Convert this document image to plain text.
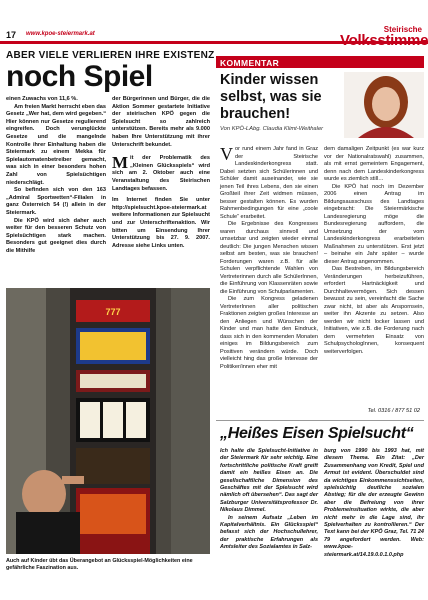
17 www.kpoe-steiermark.at	Steirische
ABER VIELE VERLIEREN IHRE EXISTENZ
noch Spiel

einen Zuwachs von 11,6 %.

Am freien Markt herrscht eben das Gesetz „Wer hat, dem wird gegeben.“ Hier können nur Gesetze regulierend eingreifen. Doch verunglückte Gesetze und die mangelnde Kontrolle ihrer Einhaltung haben die Steiermark zu einem Mekka für Spielautomatenbetreiber gemacht, was sich in einer besonders hohen Zahl von Spielsüchtigen niederschlägt.

So befinden sich von den 163 „Admiral Sportwetten“-Filialen in ganz Österreich 54 (!) allein in der Steiermark.

Die KPÖ wird sich daher auch weiter für den besseren Schutz von Spielsüchtigen stark machen. Besonders gut geeignet dies durch die Mithilfe

der Bürgerinnen und Bürger, die die Aktion Sommer gestartete Initiative der steirischen KPÖ gegen die Spielsucht so zahlreich unterstützen. Bereits mehr als 9.000 haben Ihre Unterstützung mit ihrer Unterschrift bekundet.

Mit der Problematik des „Kleinen Glücksspiels“ wird sich am 2. Oktober auch eine Veranstaltung des Steirischen Landtages befassen.

Im Internet finden Sie unter http://spielsucht.kpoe-steiermark.at weitere Informationen zur Spielsucht und zur Unterschriftenaktion. Wir bitten um Einsendung Ihrer Unterstützung bis 27. 9. 2007. Adresse siehe Links unten.

777
Auch auf Kinder übt das Überangebot an Glücksspiel-Möglichkeiten eine gefährliche Faszination aus.
KOMMENTAR
Kinder wissen selbst, was sie brauchen!
Von KPÖ-LAbg. Claudia Klimt-Weithaler

Vor rund einem Jahr fand in Graz der Steirische Landeskinderkongress statt. Dabei setzten sich Schülerinnen und Schüler damit auseinander, wie sie jenen Teil ihres Lebens, den sie einen Großteil ihrer Zeit widmen müssen, besser gestalten können. Es wurden Rahmenbedingungen für eine „coole Schule“ erarbeitet.

Die Ergebnisse des Kongresses waren durchaus sinnvoll und umsetzbar und zeigten wieder einmal deutlich: Die jungen Menschen wissen selbst am besten, was sie brauchen! Forderungen waren z.B. für alle Schulen verpflichtende Wahlen von Vertreterinnen durch alle SchülerInnen, die Einführung von Klassenräten sowie die Einführung von Schulparlamenten.

Die zum Kongress geladenen VertreterInnen aller politischen Fraktionen zeigten großes Interesse an den Anliegen und Wünschen der Kinder und man hatte den Eindruck, dass sich in den kommenden Monaten einiges im Bildungsbereich zum Positiven verändern würde. Doch vielleicht hing das große Interesse der Politiker/innen eher mit

dem damaligen Zeitpunkt (es war kurz vor der Nationalratswahl) zusammen, als mit ernst gemeintem Engagement, denn nach dem Landeskinderkongress wurde es ziemlich still…

Die KPÖ hat noch im Dezember 2006 einen Antrag im Bildungsausschuss des Landtages eingebracht: Die Steiermärkische Landesregierung möge die Bundesregierung auffordern, die Umsetzung der vom Landeskinderkongress erarbeiteten Maßnahmen zu unterstützen. Erst jetzt – beinahe ein Jahr später – wurde dieser Antrag angenommen.

Das Bestreben, im Bildungsbereich Veränderungen herbeizuführen, erfordert Hartnäckigkeit und Durchhaltevermögen. Sich dessen bewusst zu sein, vereinfacht die Sache zwar nicht, ist aber als Anspornsein, weiter ihn Akzente zu setzen. Also werden wir nicht locker lassen und Initiativen, wie z.B. die Forderung nach dem vermehrten Einsatz von SchulpsychologInnen, konsequent weiterverfolgen.

Tel. 0316 / 877 51 02
„Heißes Eisen Spielsucht“

Ich halte die Spielsucht-Initiative in der Steiermark für sehr wichtig. Eine fortschrittliche politische Kraft greift damit ein heißes Eisen an. Die gesellschaftliche Dimension des Geschäftes mit der Spielsucht wird nämlich oft übersehen“. Das sagt der Salzburger Universitätsprofessor Dr. Nikolaus Dimmel.

In seinem Aufsatz „Leben im Kapitalverhältnis. Ein Glücksspiel“ befasst sich der Hochschullehrer, der praktische Erfahrungen als Amtsleiter des Sozialamtes in Salz-

burg von 1990 bis 1993 hat, mit diesem Thema. Ein Zitat: „Der Zusammenhang von Kredit, Spiel und Armut ist evident. Überschuldet sind da wichtiges Einkommenssichtseiten, spielsüchtig deutliche sozialen Abstieg; für die der erzeugte Gewinn aber die Befreiung von ihrer Problemeinsituation wirkte, die aber nicht mehr in die Lage sind, ihr Spielverhalten zu kontrollieren.“ Der Text kann bei der KPÖ Graz, Tel. 71 24 79 angefordert werden. Web: www.kpoe-steiermark.at/14.19.0.0.1.0.php
